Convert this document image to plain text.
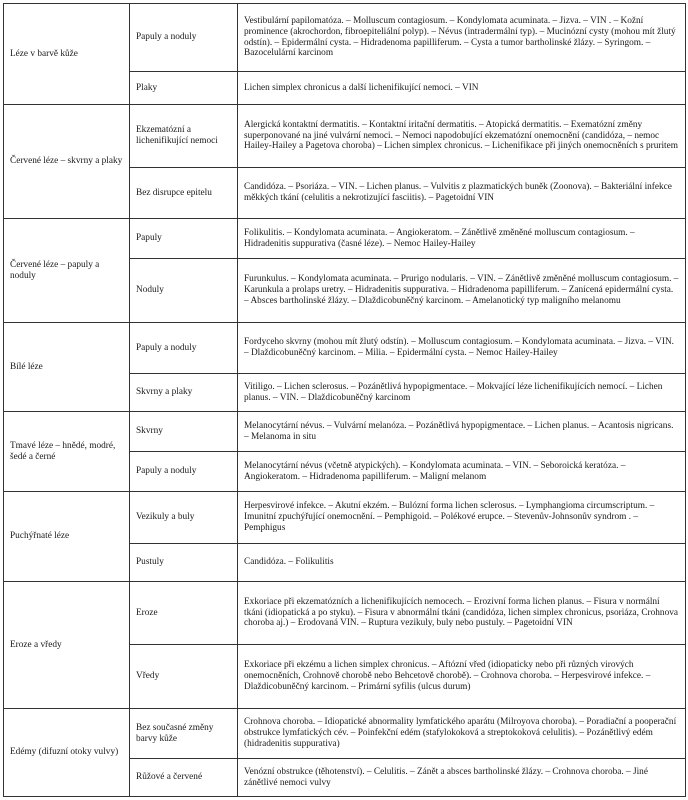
Léze v barvě kůže	Papuly a noduly	Vestibulární papilomatóza. – Molluscum contagiosum. – Kondylomata acuminata. – Jizva. – VIN . – Kožní prominence (akrochordon, fibroepiteliální polyp). – Névus (intradermální typ). – Mucinózní cysty (mohou mít žlutý odstín). – Epidermální cysta. – Hidradenoma papilliferum. – Cysta a tumor bartholinské žlázy. – Syringom. – Bazocelulární karcinom
	Plaky	Lichen simplex chronicus a další lichenifikující nemoci. – VIN
Červené léze – skvrny a plaky	Ekzematózní a lichenifikující nemoci	Alergická kontaktní dermatitis. – Kontaktní iritační dermatitis. – Atopická dermatitis. – Exematózní změny superponované na jiné vulvární nemoci. – Nemoci napodobující ekzematózní onemocnění (candidóza, – nemoc Hailey-Hailey a Pagetova choroba) – Lichen simplex chronicus. – Lichenifikace při jiných onemocněních s pruritem
	Bez disrupce epitelu	Candidóza. – Psoriáza. – VIN. – Lichen planus. – Vulvitis z plazmatických buněk (Zoonova). – Bakteriální infekce měkkých tkání (celulitis a nekrotizující fasciitis). – Pagetoidní VIN
Červené léze – papuly a noduly	Papuly	Folikulitis. – Kondylomata acuminata. – Angiokeratom. – Zánětlivě změněné molluscum contagiosum. – Hidradenitis suppurativa (časné léze). – Nemoc Hailey-Hailey
	Noduly	Furunkulus. – Kondylomata acuminata. – Prurigo nodularis. – VIN. – Zánětlivě změněné molluscum contagiosum. – Karunkula a prolaps uretry. – Hidradenitis suppurativa. – Hidradenoma papilliferum. – Zanícená epidermální cysta. – Absces bartholinské žlázy. – Dlaždicobuněčný karcinom. – Amelanotický typ maligního melanomu
Bílé léze	Papuly a noduly	Fordyceho skvrny (mohou mít žlutý odstín). – Molluscum contagiosum. – Kondylomata acuminata. – Jizva. – VIN. – Dlaždicobuněčný karcinom. – Milia. – Epidermální cysta. – Nemoc Hailey-Hailey
	Skvrny a plaky	Vitiligo. – Lichen sclerosus. – Pozánětlivá hypopigmentace. – Mokvající léze lichenifikujících nemocí. – Lichen planus. – VIN. – Dlaždicobuněčný karcinom
Tmavé léze – hnědé, modré, šedé a černé	Skvrny	Melanocytární névus. – Vulvární melanóza. – Pozánětlivá hypopigmentace. – Lichen planus. – Acantosis nigricans. – Melanoma in situ
	Papuly a noduly	Melanocytární névus (včetně atypických). – Kondylomata acuminata. – VIN. – Seboroická keratóza. – Angiokeratom. – Hidradenoma papilliferum. – Maligní melanom
Puchýřnaté léze	Vezikuly a buly	Herpesvirové infekce. – Akutní ekzém. – Bulózní forma lichen sclerosus. – Lymphangioma circumscriptum. – Imunitní zpuchýřující onemocnění. – Pemphigoid. – Polékové erupce. – Stevenův-Johnsonův syndrom . – Pemphigus
	Pustuly	Candidóza. – Folikulitis
Eroze a vředy	Eroze	Exkoriace při ekzematózních a lichenifikujících nemocech. – Erozivní forma lichen planus. – Fisura v normální tkáni (idiopatická a po styku). – Fisura v abnormální tkáni (candidóza, lichen simplex chronicus, psoriáza, Crohnova choroba aj.) – Erodovaná VIN. – Ruptura vezikuly, buly nebo pustuly. – Pagetoidní VIN
	Vředy	Exkoriace při ekzému a lichen simplex chronicus. – Aftózní vřed (idiopaticky nebo při různých virových onemocněních, Crohnově chorobě nebo Behcetově chorobě). – Crohnova choroba. – Herpesvirové infekce. – Dlaždicobuněčný karcinom. – Primární syfilis (ulcus durum)
Edémy (difuzní otoky vulvy)	Bez současné změny barvy kůže	Crohnova choroba. – Idiopatické abnormality lymfatického aparátu (Milroyova choroba). – Poradiační a pooperační obstrukce lymfatických cév. – Poinfekční edém (stafylokoková a streptokoková celulitis). – Pozánětlivý edém (hidradenitis suppurativa)
	Růžové a červené	Venózní obstrukce (těhotenství). – Celulitis. – Zánět a absces bartholinské žlázy. – Crohnova choroba. – Jiné zánětlivé nemoci vulvy
